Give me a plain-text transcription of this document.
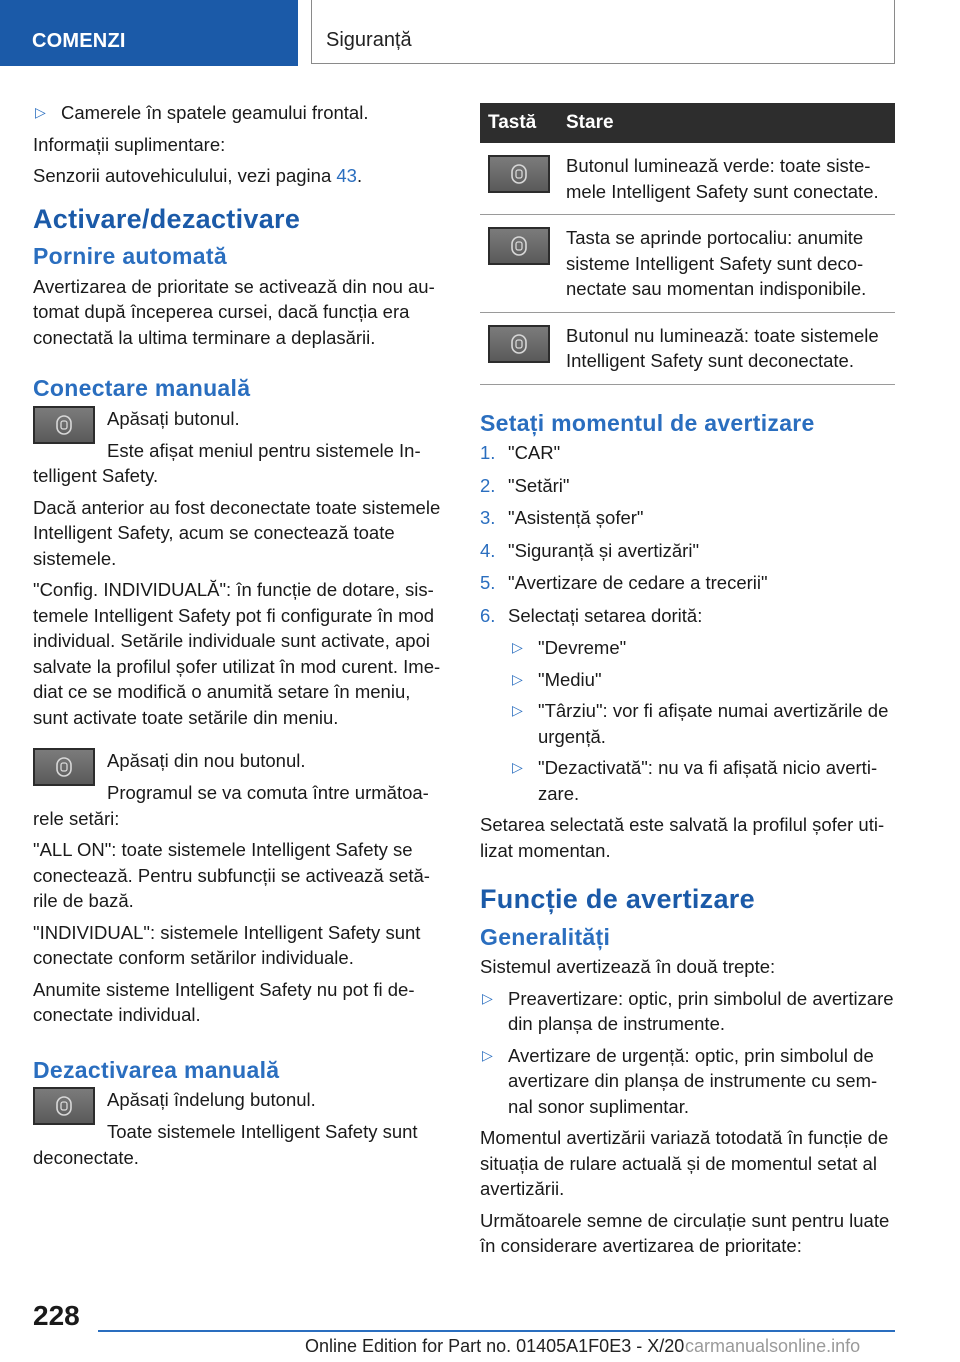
COMENZI	Siguranță
▷ Camerele în spatele geamului frontal.

Informații suplimentare:

Senzorii autovehiculului, vezi pagina 43.

Activare/dezactivare
Pornire automată

Avertizarea de prioritate se activează din nou automat după începerea cursei, dacă funcția era conectată la ultima terminare a deplasării.

Conectare manuală

Apăsați butonul.

Este afișat meniul pentru sistemele Intelligent Safety.

Dacă anterior au fost deconectate toate sistemele Intelligent Safety, acum se conectează toate sistemele.

"Config. INDIVIDUALĂ": în funcție de dotare, sistemele Intelligent Safety pot fi configurate în mod individual. Setările individuale sunt activate, apoi salvate la profilul șofer utilizat în mod curent. Imediat ce se modifică o anumită setare în meniu, sunt activate toate setările din meniu.

Apăsați din nou butonul.

Programul se va comuta între următoarele setări:

"ALL ON": toate sistemele Intelligent Safety se conectează. Pentru subfuncții se activează setările de bază.

"INDIVIDUAL": sistemele Intelligent Safety sunt conectate conform setărilor individuale.

Anumite sisteme Intelligent Safety nu pot fi deconectate individual.

Dezactivarea manuală

Apăsați îndelung butonul.

Toate sistemele Intelligent Safety sunt deconectate.

Tastă	Stare

	Butonul luminează verde: toate sistemele Intelligent Safety sunt conectate.

	Tasta se aprinde portocaliu: anumite sisteme Intelligent Safety sunt deconectate sau momentan indisponibile.

	Butonul nu luminează: toate sistemele Intelligent Safety sunt deconectate.
Setați momentul de avertizare
1. "CAR"
2. "Setări"
3. "Asistență șofer"
4. "Siguranță și avertizări"
5. "Avertizare de cedare a trecerii"
6. Selectați setarea dorită:
▷ "Devreme"
▷ "Mediu"
▷ "Târziu": vor fi afișate numai avertizările de urgență.
▷ "Dezactivată": nu va fi afișată nicio avertizare.

Setarea selectată este salvată la profilul șofer utilizat momentan.

Funcție de avertizare
Generalități

Sistemul avertizează în două trepte:

▷ Preavertizare: optic, prin simbolul de avertizare din planșa de instrumente.
▷ Avertizare de urgență: optic, prin simbolul de avertizare din planșa de instrumente cu semnal sonor suplimentar.

Momentul avertizării variază totodată în funcție de situația de rulare actuală și de momentul setat al avertizării.

Următoarele semne de circulație sunt pentru luate în considerare avertizarea de prioritate:

228
Online Edition for Part no. 01405A1F0E3 - X/20 carmanualsonline.info
